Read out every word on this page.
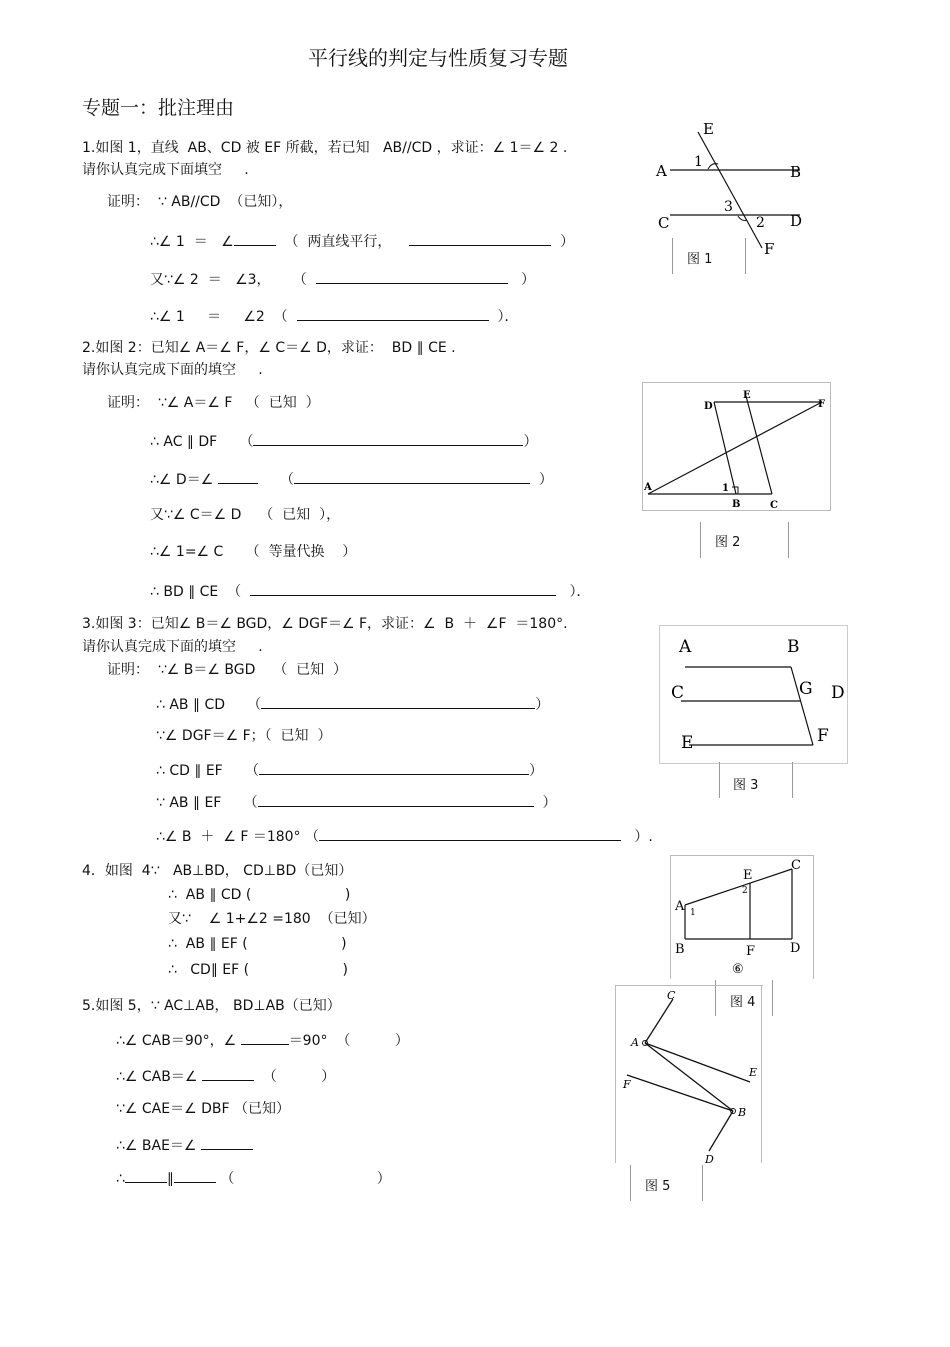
平行线的判定与性质复习专题
专题一：批注理由
1.如图 1，直线  AB、CD 被 EF 所截，若已知   AB//CD ，求证：∠ 1＝∠ 2 .
请你认真完成下面填空     .
证明：  ∵ AB//CD  （已知），
∴∠ 1  ＝   ∠	（  两直线平行，	）
又∵∠ 2  ＝   ∠3，     （	）
∴∠ 1     ＝     ∠2  （	）．
E
A	B
1
3
2
C	D
F
图 1
2.如图 2：已知∠ A＝∠ F，∠ C＝∠ D，求证：  BD ∥ CE .
请你认真完成下面的填空     .
证明：  ∵∠ A＝∠ F   （  已知  ）
∴ AC ∥ DF     （	）
∴∠ D＝∠	（	）
又∵∠ C＝∠ D    （  已知  ），
∴∠ 1=∠ C     （  等量代换    ）
∴ BD ∥ CE  （	）．
D
E
F
A	1
B	C
图 2
3.如图 3：已知∠ B＝∠ BGD，∠ DGF＝∠ F，求证：∠  B  ＋  ∠F  ＝180°.
请你认真完成下面的填空     .
证明：  ∵∠ B＝∠ BGD    （  已知  ）
∴ AB ∥ CD     （	）
∵∠ DGF＝∠ F；（  已知  ）
∴ CD ∥ EF     （	）
∵ AB ∥ EF     （	）
∴∠ B  ＋  ∠ F ＝180° （	）.
A	B
C	G D
E	F
图 3
4．如图  4∵   AB⊥BD， CD⊥BD（已知）
∴  AB ∥ CD (	)
又∵    ∠ 1+∠2 =180  （已知）
∴  AB ∥ EF (	)
∴   CD∥ EF (	)
A 1
E
2
C
B	F	D
⑥
图 4
5.如图 5，∵ AC⊥AB， BD⊥AB（已知）
∴∠ CAB＝90°，∠	＝90°  （	）
∴∠ CAB＝∠	（	）
∵∠ CAE＝∠ DBF （已知）
∴∠ BAE＝∠
∴	∥	（	）
C
A
E
F
B
D
图 5
